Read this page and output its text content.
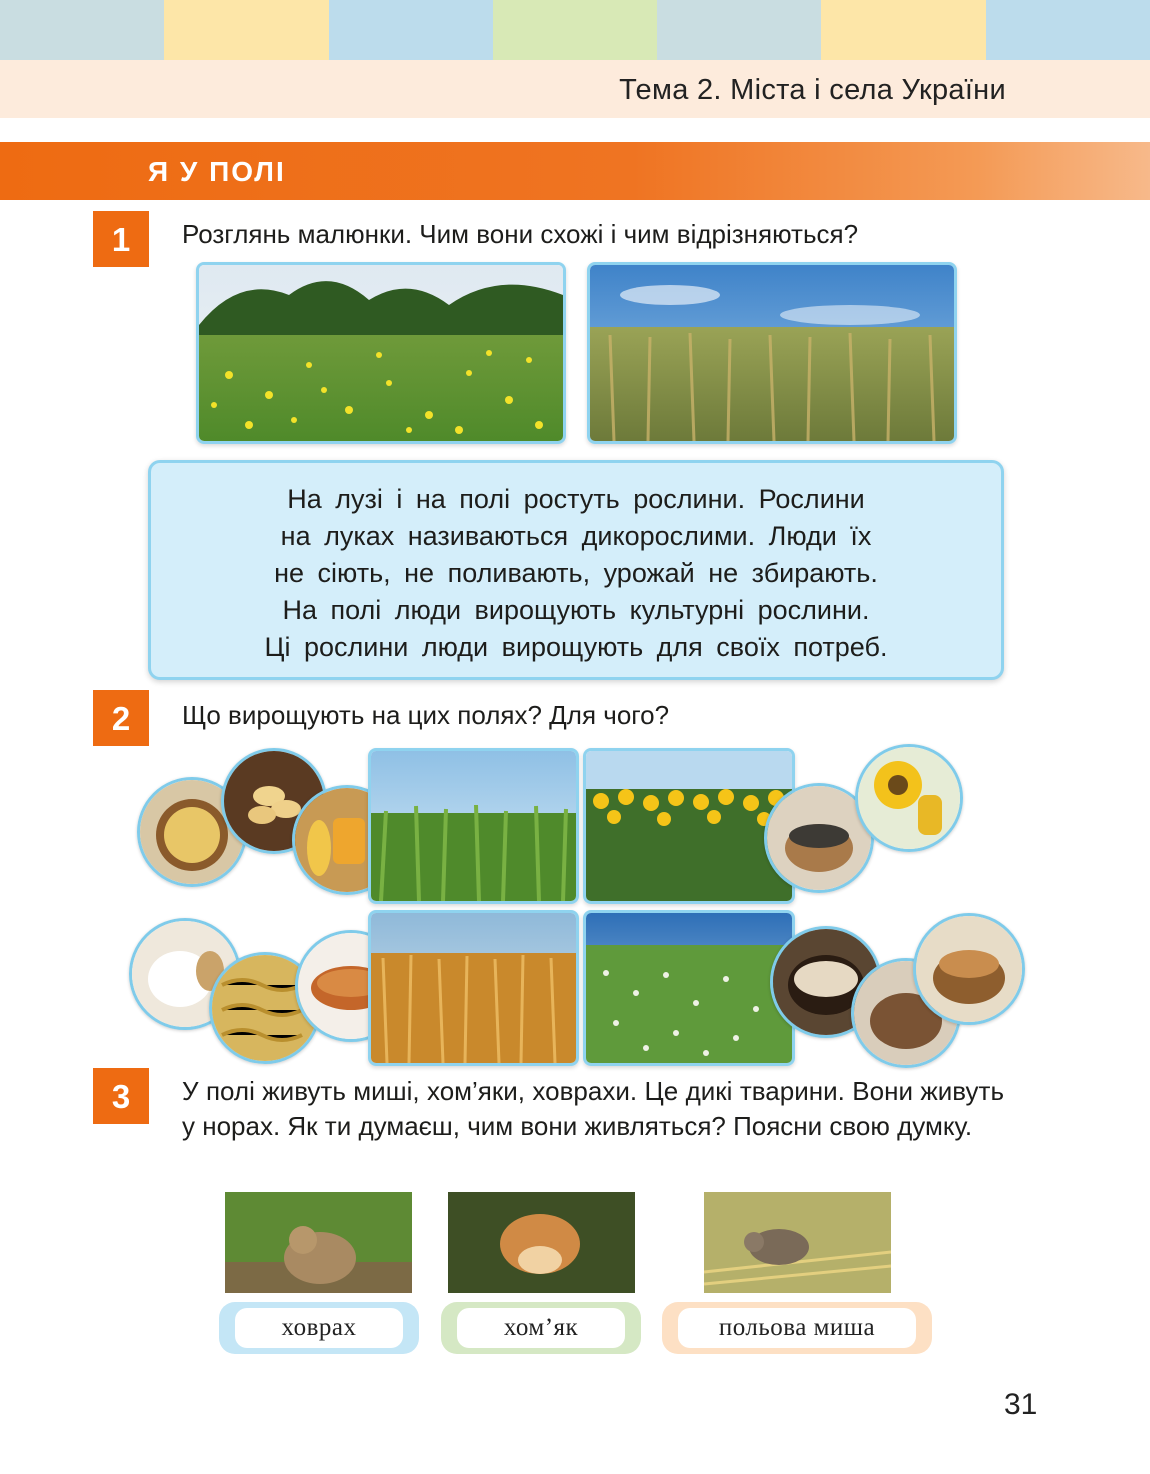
Тема 2. Міста і села України
Я У ПОЛІ
1	Розглянь малюнки. Чим вони схожі і чим відрізняються?

На лузі і на полі ростуть рослини. Рослини

на луках називаються дикорослими. Люди їх

не сіють, не поливають, урожай не збирають.

На полі люди вирощують культурні рослини.

Ці рослини люди вирощують для своїх потреб.

2	Що вирощують на цих полях? Для чого?
3	У полі живуть миші, хом’яки, ховрахи. Це дикі тварини. Вони живуть у норах. Як ти думаєш, чим вони живляться? Поясни свою думку.
ховрах	хом’як	польова миша
31
